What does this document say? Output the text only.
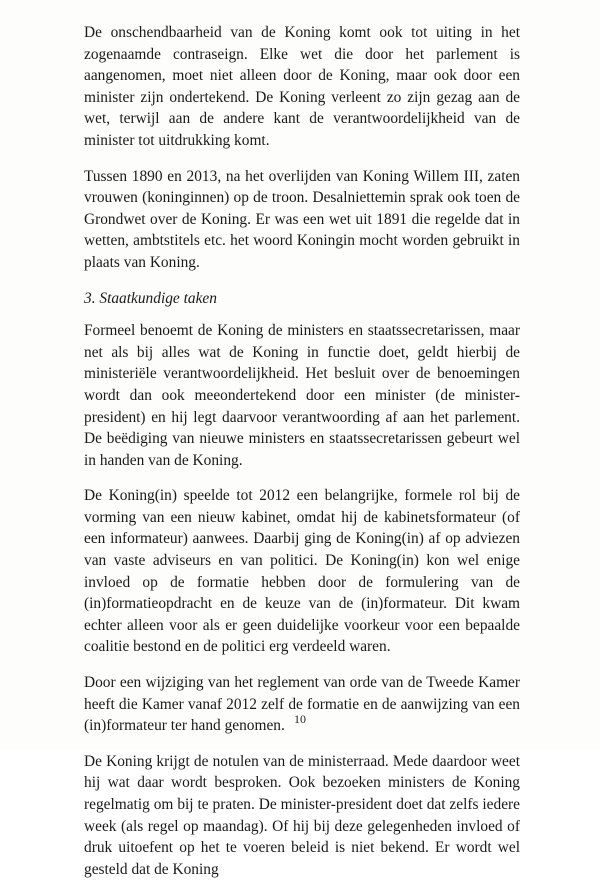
De onschendbaarheid van de Koning komt ook tot uiting in het zogenaamde contraseign. Elke wet die door het parlement is aangenomen, moet niet alleen door de Koning, maar ook door een minister zijn ondertekend. De Koning verleent zo zijn gezag aan de wet, terwijl aan de andere kant de verantwoordelijkheid van de minister tot uitdrukking komt.

Tussen 1890 en 2013, na het overlijden van Koning Willem III, zaten vrouwen (koninginnen) op de troon. Desalniettemin sprak ook toen de Grondwet over de Koning. Er was een wet uit 1891 die regelde dat in wetten, ambtstitels etc. het woord Koningin mocht worden gebruikt in plaats van Koning.

3. Staatkundige taken

Formeel benoemt de Koning de ministers en staatssecretarissen, maar net als bij alles wat de Koning in functie doet, geldt hierbij de ministeriële verantwoordelijkheid. Het besluit over de benoemingen wordt dan ook meeondertekend door een minister (de minister-president) en hij legt daarvoor verantwoording af aan het parlement. De beëdiging van nieuwe ministers en staatssecretarissen gebeurt wel in handen van de Koning.

De Koning(in) speelde tot 2012 een belangrijke, formele rol bij de vorming van een nieuw kabinet, omdat hij de kabinetsformateur (of een informateur) aanwees. Daarbij ging de Koning(in) af op adviezen van vaste adviseurs en van politici. De Koning(in) kon wel enige invloed op de formatie hebben door de formulering van de (in)formatieopdracht en de keuze van de (in)formateur. Dit kwam echter alleen voor als er geen duidelijke voorkeur voor een bepaalde coalitie bestond en de politici erg verdeeld waren.

Door een wijziging van het reglement van orde van de Tweede Kamer heeft die Kamer vanaf 2012 zelf de formatie en de aanwijzing van een (in)formateur ter hand genomen.

De Koning krijgt de notulen van de ministerraad. Mede daardoor weet hij wat daar wordt besproken. Ook bezoeken ministers de Koning regelmatig om bij te praten. De minister-president doet dat zelfs iedere week (als regel op maandag). Of hij bij deze gelegenheden invloed of druk uitoefent op het te voeren beleid is niet bekend. Er wordt wel gesteld dat de Koning

10
